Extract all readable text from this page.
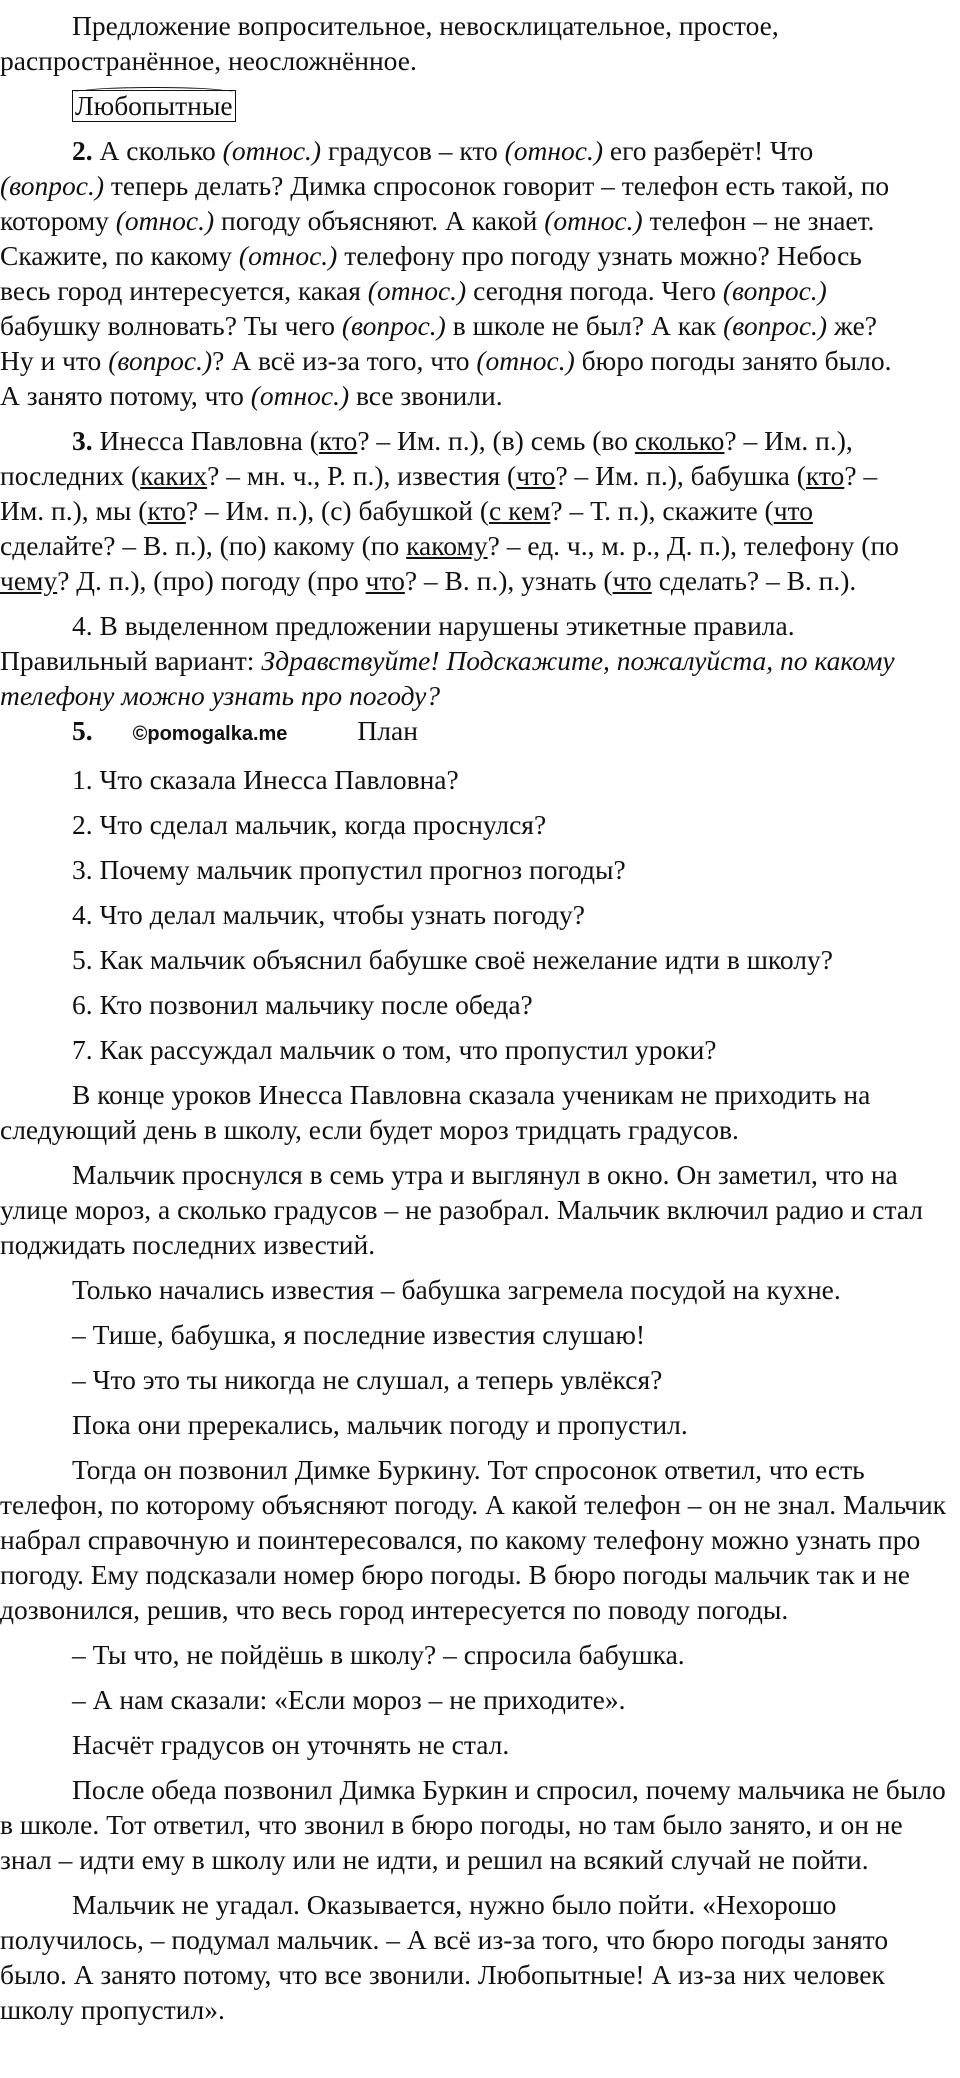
Предложение вопросительное, невосклицательное, простое,

распространённое, неосложнённое.

Любопытные

2. А сколько (относ.) градусов – кто (относ.) его разберёт! Что

(вопрос.) теперь делать? Димка спросонок говорит – телефон есть такой, по

которому (относ.) погоду объясняют. А какой (относ.) телефон – не знает.

Скажите, по какому (относ.) телефону про погоду узнать можно? Небось

весь город интересуется, какая (относ.) сегодня погода. Чего (вопрос.)

бабушку волновать? Ты чего (вопрос.) в школе не был? А как (вопрос.) же?

Ну и что (вопрос.)? А всё из-за того, что (относ.) бюро погоды занято было.

А занято потому, что (относ.) все звонили.

3. Инесса Павловна (кто? – Им. п.), (в) семь (во сколько? – Им. п.),

последних (каких? – мн. ч., Р. п.), известия (что? – Им. п.), бабушка (кто? –

Им. п.), мы (кто? – Им. п.), (с) бабушкой (с кем? – Т. п.), скажите (что

сделайте? – В. п.), (по) какому (по какому? – ед. ч., м. р., Д. п.), телефону (по

чему? Д. п.), (про) погоду (про что? – В. п.), узнать (что сделать? – В. п.).

4. В выделенном предложении нарушены этикетные правила.

Правильный вариант: Здравствуйте! Подскажите, пожалуйста, по какому

телефону можно узнать про погоду?

5. ©pomogalka.me	План

1. Что сказала Инесса Павловна?

2. Что сделал мальчик, когда проснулся?

3. Почему мальчик пропустил прогноз погоды?

4. Что делал мальчик, чтобы узнать погоду?

5. Как мальчик объяснил бабушке своё нежелание идти в школу?

6. Кто позвонил мальчику после обеда?

7. Как рассуждал мальчик о том, что пропустил уроки?

В конце уроков Инесса Павловна сказала ученикам не приходить на следующий день в школу, если будет мороз тридцать градусов.

Мальчик проснулся в семь утра и выглянул в окно. Он заметил, что на улице мороз, а сколько градусов – не разобрал. Мальчик включил радио и стал поджидать последних известий.

Только начались известия – бабушка загремела посудой на кухне.

– Тише, бабушка, я последние известия слушаю!

– Что это ты никогда не слушал, а теперь увлёкся?

Пока они пререкались, мальчик погоду и пропустил.

Тогда он позвонил Димке Буркину. Тот спросонок ответил, что есть телефон, по которому объясняют погоду. А какой телефон – он не знал. Мальчик набрал справочную и поинтересовался, по какому телефону можно узнать про погоду. Ему подсказали номер бюро погоды. В бюро погоды мальчик так и не дозвонился, решив, что весь город интересуется по поводу погоды.

– Ты что, не пойдёшь в школу? – спросила бабушка.

– А нам сказали: «Если мороз – не приходите».

Насчёт градусов он уточнять не стал.

После обеда позвонил Димка Буркин и спросил, почему мальчика не было в школе. Тот ответил, что звонил в бюро погоды, но там было занято, и он не знал – идти ему в школу или не идти, и решил на всякий случай не пойти.

Мальчик не угадал. Оказывается, нужно было пойти. «Нехорошо получилось, – подумал мальчик. – А всё из-за того, что бюро погоды занято было. А занято потому, что все звонили. Любопытные! А из-за них человек школу пропустил».
